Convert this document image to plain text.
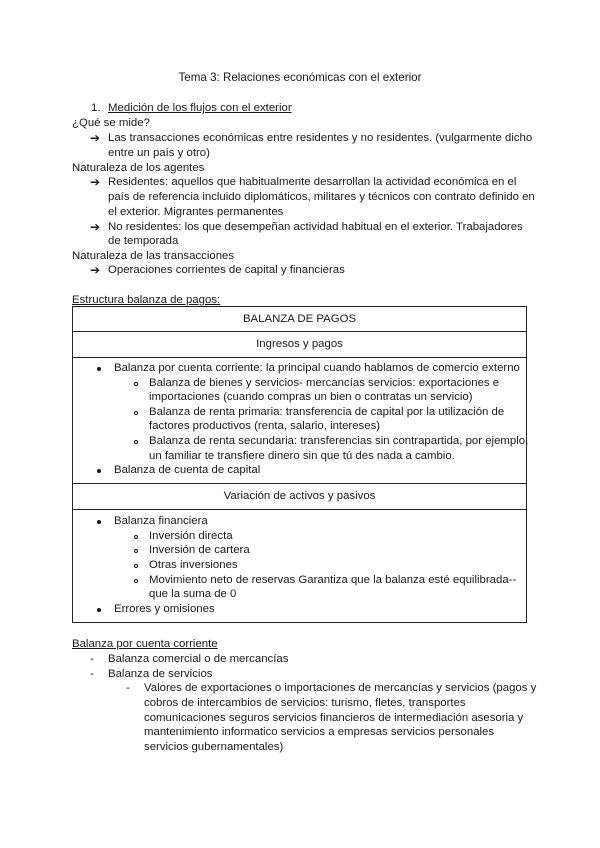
Tema 3: Relaciones económicas con el exterior
1. Medición de los flujos con el exterior
¿Qué se mide?
➔ Las transacciones económicas entre residentes y no residentes. (vulgarmente dicho
entre un país y otro)
Naturaleza de los agentes
➔ Residentes: aquellos que habitualmente desarrollan la actividad económica en el
país de referencia incluido diplomáticos, militares y técnicos con contrato definido en
el exterior. Migrantes permanentes
➔ No residentes: los que desempeñan actividad habitual en el exterior. Trabajadores
de temporada
Naturaleza de las transacciones
➔ Operaciones corrientes de capital y financieras
Estructura balanza de pagos:
BALANZA DE PAGOS
Ingresos y pagos
Balanza por cuenta corriente: la principal cuando hablamos de comercio externo
Balanza de bienes y servicios- mercancías servicios: exportaciones e
importaciones (cuando compras un bien o contratas un servicio)
Balanza de renta primaria: transferencia de capital por la utilización de
factores productivos (renta, salario, intereses)
Balanza de renta secundaria: transferencias sin contrapartida, por ejemplo,
un familiar te transfiere dinero sin que tú des nada a cambio.
Balanza de cuenta de capital
Variación de activos y pasivos
Balanza financiera
Inversión directa
Inversión de cartera
Otras inversiones
Movimiento neto de reservas Garantiza que la balanza esté equilibrada--
que la suma de 0
Errores y omisiones
Balanza por cuenta corriente
- Balanza comercial o de mercancías
- Balanza de servicios
- Valores de exportaciones o importaciones de mercancías y servicios (pagos y
cobros de intercambios de servicios: turismo, fletes, transportes
comunicaciones seguros servicios financieros de intermediación asesoria y
mantenimiento informatico servicios a empresas servicios personales
servicios gubernamentales)
